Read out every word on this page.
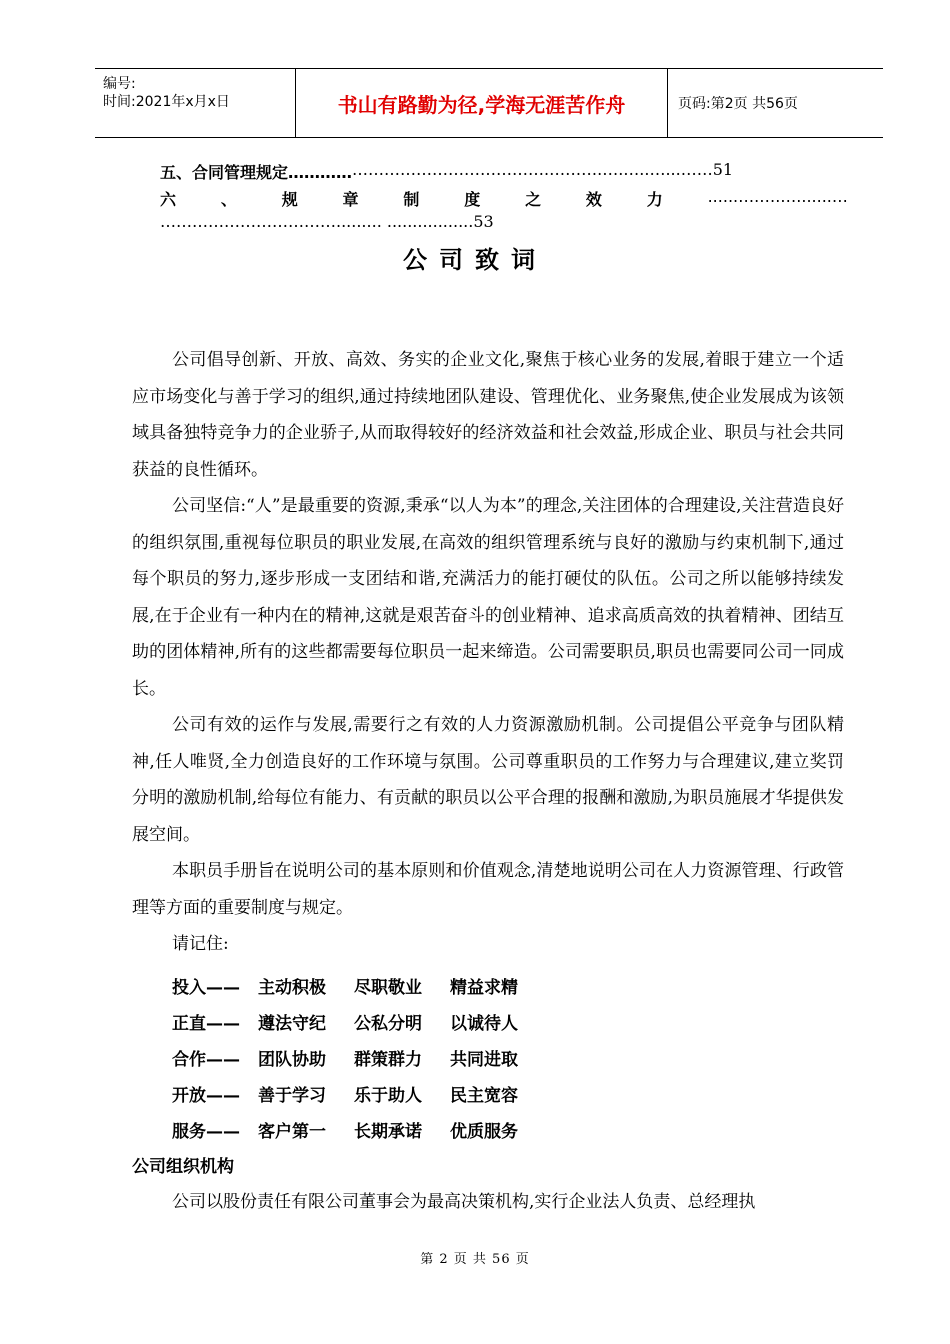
编号:
时间:2021年x月x日	书山有路勤为径,学海无涯苦作舟	页码:第2页 共56页
五、合同管理规定………… ……………………………….……….….…..…...……51
六	、	规	章	制	度	之	效	力	......….….….......…
……………………………......... .................53
公司致词

公司倡导创新、开放、高效、务实的企业文化,聚焦于核心业务的发展,着眼于建立一个适应市场变化与善于学习的组织,通过持续地团队建设、管理优化、业务聚焦,使企业发展成为该领域具备独特竞争力的企业骄子,从而取得较好的经济效益和社会效益,形成企业、职员与社会共同获益的良性循环。

公司坚信:“人”是最重要的资源,秉承“以人为本”的理念,关注团体的合理建设,关注营造良好的组织氛围,重视每位职员的职业发展,在高效的组织管理系统与良好的激励与约束机制下,通过每个职员的努力,逐步形成一支团结和谐,充满活力的能打硬仗的队伍。公司之所以能够持续发展,在于企业有一种内在的精神,这就是艰苦奋斗的创业精神、追求高质高效的执着精神、团结互助的团体精神,所有的这些都需要每位职员一起来缔造。公司需要职员,职员也需要同公司一同成长。

公司有效的运作与发展,需要行之有效的人力资源激励机制。公司提倡公平竞争与团队精神,任人唯贤,全力创造良好的工作环境与氛围。公司尊重职员的工作努力与合理建议,建立奖罚分明的激励机制,给每位有能力、有贡献的职员以公平合理的报酬和激励,为职员施展才华提供发展空间。

本职员手册旨在说明公司的基本原则和价值观念,清楚地说明公司在人力资源管理、行政管理等方面的重要制度与规定。

请记住:

投入—— 主动积极 尽职敬业 精益求精
正直—— 遵法守纪 公私分明 以诚待人
合作—— 团队协助 群策群力 共同进取
开放—— 善于学习 乐于助人 民主宽容
服务—— 客户第一 长期承诺 优质服务
公司组织机构

公司以股份责任有限公司董事会为最高决策机构,实行企业法人负责、总经理执

第 2 页 共 56 页
